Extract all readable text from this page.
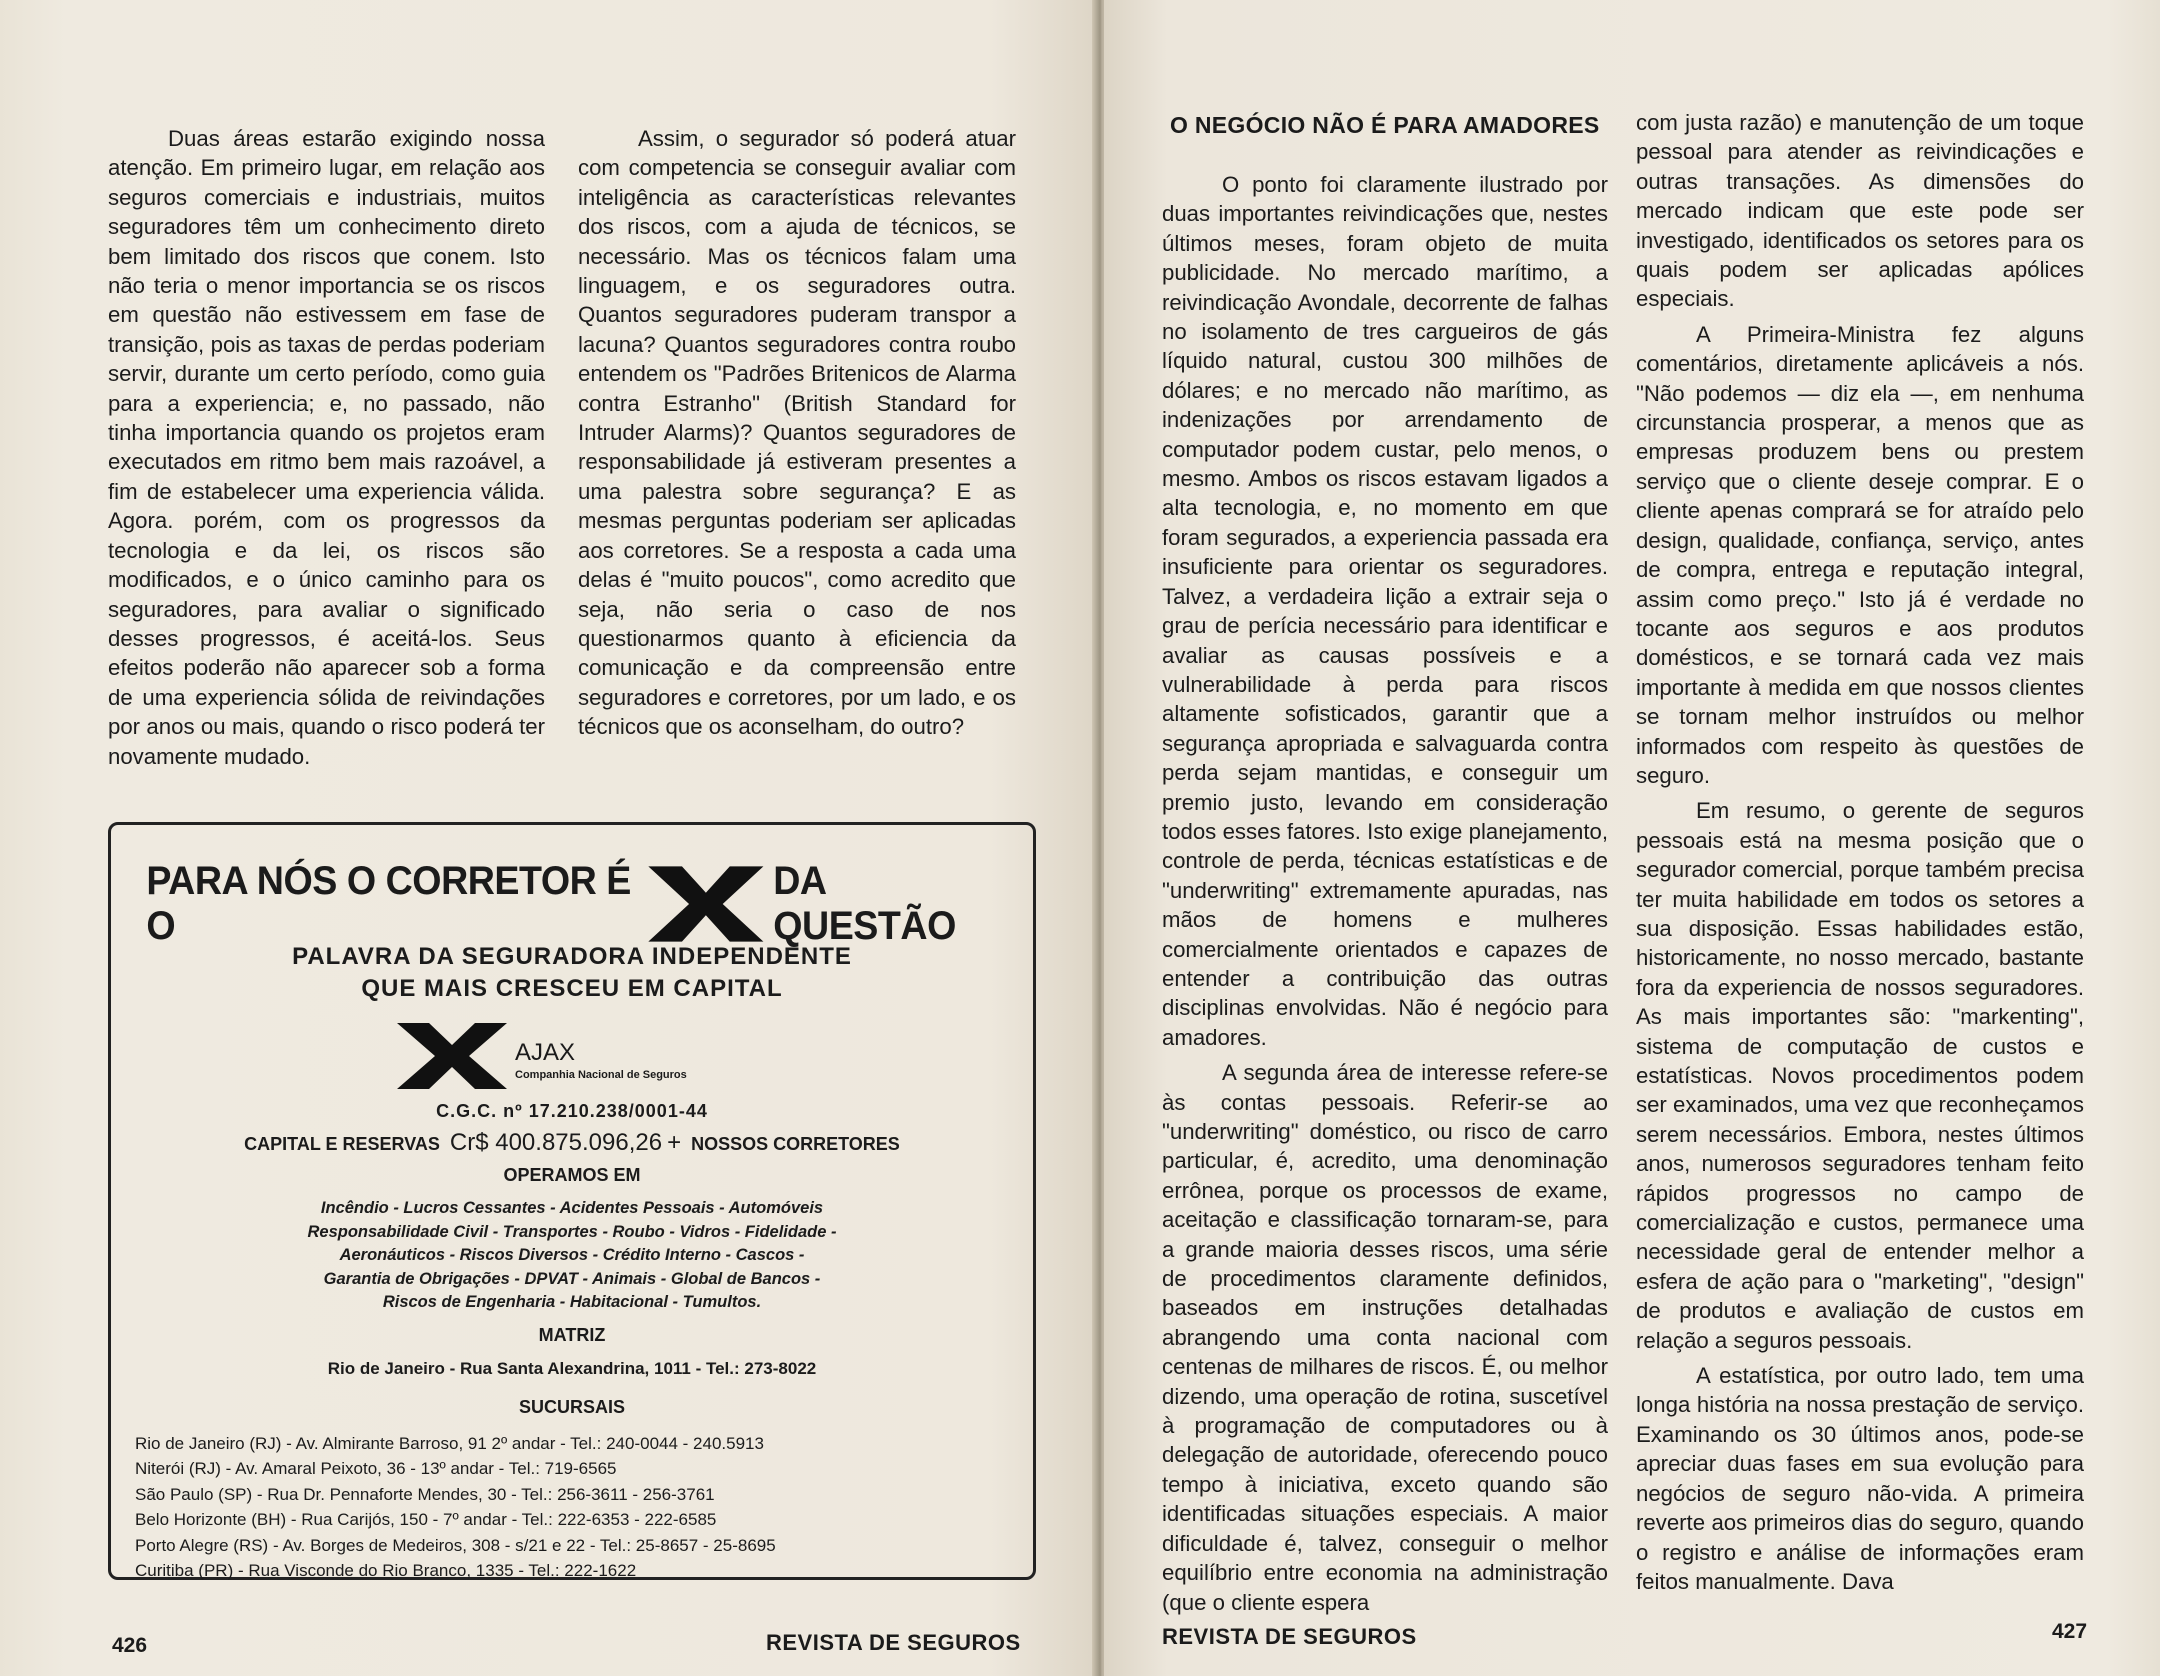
Duas áreas estarão exigindo nossa atenção. Em primeiro lugar, em relação aos seguros comerciais e industriais, muitos seguradores têm um conhecimento direto bem limitado dos riscos que conem. Isto não teria o menor importancia se os riscos em questão não estivessem em fase de transição, pois as taxas de perdas poderiam servir, durante um certo período, como guia para a experiencia; e, no passado, não tinha importancia quando os projetos eram executados em ritmo bem mais razoável, a fim de estabelecer uma experiencia válida. Agora. porém, com os progressos da tecnologia e da lei, os riscos são modificados, e o único caminho para os seguradores, para avaliar o significado desses progressos, é aceitá-los. Seus efeitos poderão não aparecer sob a forma de uma experiencia sólida de reivindações por anos ou mais, quando o risco poderá ter novamente mudado.

Assim, o segurador só poderá atuar com competencia se conseguir avaliar com inteligência as características relevantes dos riscos, com a ajuda de técnicos, se necessário. Mas os técnicos falam uma linguagem, e os seguradores outra. Quantos seguradores puderam transpor a lacuna? Quantos seguradores contra roubo entendem os "Padrões Britenicos de Alarma contra Estranho" (British Standard for Intruder Alarms)? Quantos seguradores de responsabilidade já estiveram presentes a uma palestra sobre segurança? E as mesmas perguntas poderiam ser aplicadas aos corretores. Se a resposta a cada uma delas é "muito poucos", como acredito que seja, não seria o caso de nos questionarmos quanto à eficiencia da comunicação e da compreensão entre seguradores e corretores, por um lado, e os técnicos que os aconselham, do outro?

PARA NÓS O CORRETOR É O
DA QUESTÃO
PALAVRA DA SEGURADORA INDEPENDENTE
QUE MAIS CRESCEU EM CAPITAL
AJAX
Companhia Nacional de Seguros
C.G.C. nº 17.210.238/0001-44
CAPITAL E RESERVAS Cr$ 400.875.096,26 + NOSSOS CORRETORES
OPERAMOS EM
Incêndio - Lucros Cessantes - Acidentes Pessoais - Automóveis
Responsabilidade Civil - Transportes - Roubo - Vidros - Fidelidade -
Aeronáuticos - Riscos Diversos - Crédito Interno - Cascos -
Garantia de Obrigações - DPVAT - Animais - Global de Bancos -
Riscos de Engenharia - Habitacional - Tumultos.
MATRIZ
Rio de Janeiro - Rua Santa Alexandrina, 1011 - Tel.: 273-8022
SUCURSAIS
Rio de Janeiro (RJ) - Av. Almirante Barroso, 91 2º andar - Tel.: 240-0044 - 240.5913
Niterói (RJ) - Av. Amaral Peixoto, 36 - 13º andar - Tel.: 719-6565
São Paulo (SP) - Rua Dr. Pennaforte Mendes, 30 - Tel.: 256-3611 - 256-3761
Belo Horizonte (BH) - Rua Carijós, 150 - 7º andar - Tel.: 222-6353 - 222-6585
Porto Alegre (RS) - Av. Borges de Medeiros, 308 - s/21 e 22 - Tel.: 25-8657 - 25-8695
Curitiba (PR) - Rua Visconde do Rio Branco, 1335 - Tel.: 222-1622
426	REVISTA DE SEGUROS
O NEGÓCIO NÃO É PARA AMADORES

O ponto foi claramente ilustrado por duas importantes reivindicações que, nestes últimos meses, foram objeto de muita publicidade. No mercado marítimo, a reivindicação Avondale, decorrente de falhas no isolamento de tres cargueiros de gás líquido natural, custou 300 milhões de dólares; e no mercado não marítimo, as indenizações por arrendamento de computador podem custar, pelo menos, o mesmo. Ambos os riscos estavam ligados a alta tecnologia, e, no momento em que foram segurados, a experiencia passada era insuficiente para orientar os seguradores. Talvez, a verdadeira lição a extrair seja o grau de perícia necessário para identificar e avaliar as causas possíveis e a vulnerabilidade à perda para riscos altamente sofisticados, garantir que a segurança apropriada e salvaguarda contra perda sejam mantidas, e conseguir um premio justo, levando em consideração todos esses fatores. Isto exige planejamento, controle de perda, técnicas estatísticas e de "underwriting" extremamente apuradas, nas mãos de homens e mulheres comercialmente orientados e capazes de entender a contribuição das outras disciplinas envolvidas. Não é negócio para amadores.

A segunda área de interesse refere-se às contas pessoais. Referir-se ao "underwriting" doméstico, ou risco de carro particular, é, acredito, uma denominação errônea, porque os processos de exame, aceitação e classificação tornaram-se, para a grande maioria desses riscos, uma série de procedimentos claramente definidos, baseados em instruções detalhadas abrangendo uma conta nacional com centenas de milhares de riscos. É, ou melhor dizendo, uma operação de rotina, suscetível à programação de computadores ou à delegação de autoridade, oferecendo pouco tempo à iniciativa, exceto quando são identificadas situações especiais. A maior dificuldade é, talvez, conseguir o melhor equilíbrio entre economia na administração (que o cliente espera

com justa razão) e manutenção de um toque pessoal para atender as reivindicações e outras transações. As dimensões do mercado indicam que este pode ser investigado, identificados os setores para os quais podem ser aplicadas apólices especiais.

A Primeira-Ministra fez alguns comentários, diretamente aplicáveis a nós. "Não podemos — diz ela —, em nenhuma circunstancia prosperar, a menos que as empresas produzem bens ou prestem serviço que o cliente deseje comprar. E o cliente apenas comprará se for atraído pelo design, qualidade, confiança, serviço, antes de compra, entrega e reputação integral, assim como preço." Isto já é verdade no tocante aos seguros e aos produtos domésticos, e se tornará cada vez mais importante à medida em que nossos clientes se tornam melhor instruídos ou melhor informados com respeito às questões de seguro.

Em resumo, o gerente de seguros pessoais está na mesma posição que o segurador comercial, porque também precisa ter muita habilidade em todos os setores a sua disposição. Essas habilidades estão, historicamente, no nosso mercado, bastante fora da experiencia de nossos seguradores. As mais importantes são: "markenting", sistema de computação de custos e estatísticas. Novos procedimentos podem ser examinados, uma vez que reconheçamos serem necessários. Embora, nestes últimos anos, numerosos seguradores tenham feito rápidos progressos no campo de comercialização e custos, permanece uma necessidade geral de entender melhor a esfera de ação para o "marketing", "design" de produtos e avaliação de custos em relação a seguros pessoais.

A estatística, por outro lado, tem uma longa história na nossa prestação de serviço. Examinando os 30 últimos anos, pode-se apreciar duas fases em sua evolução para negócios de seguro não-vida. A primeira reverte aos primeiros dias do seguro, quando o registro e análise de informações eram feitos manualmente. Dava

REVISTA DE SEGUROS	427
